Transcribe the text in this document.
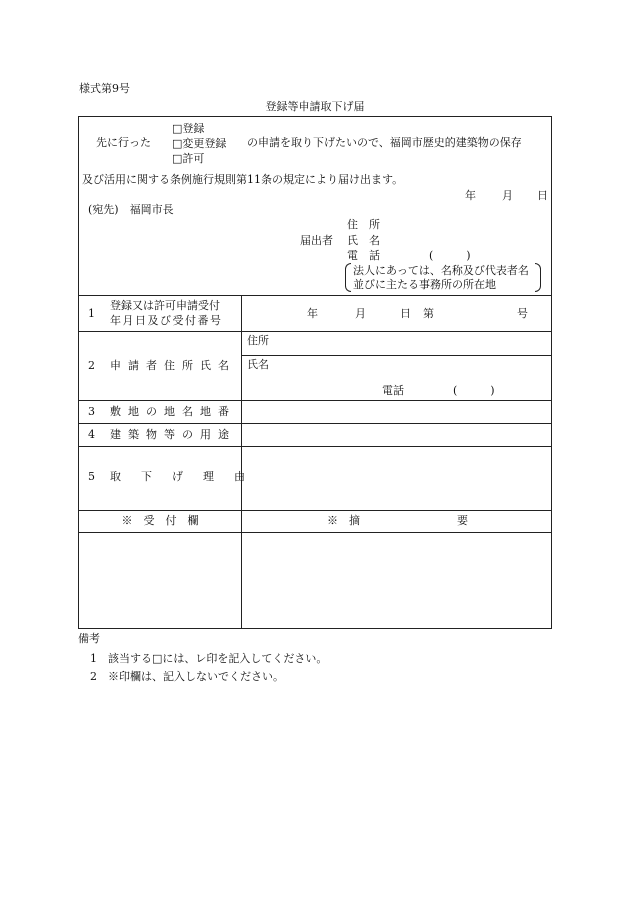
様式第9号
登録等申請取下げ届
先に行った
□登録
□変更登録
□許可
の申請を取り下げたいので、福岡市歴史的建築物の保存
及び活用に関する条例施行規則第11条の規定により届け出ます。
年 月 日
(宛先)　福岡市長
住　所
届出者 氏　名
電　話	(　　　)
法人にあっては、名称及び代表者名
並びに主たる事務所の所在地
1
登録又は許可申請受付
年月日及び受付番号
年	月	日 第	号
2 申請者住所氏名
住所
氏名
電話	(　　　)
3 敷地の地名地番
4 建築物等の用途
5 取下げ理由
※　受　付　欄	※　摘	要
備考
1　該当する□には、レ印を記入してください。
2　※印欄は、記入しないでください。
